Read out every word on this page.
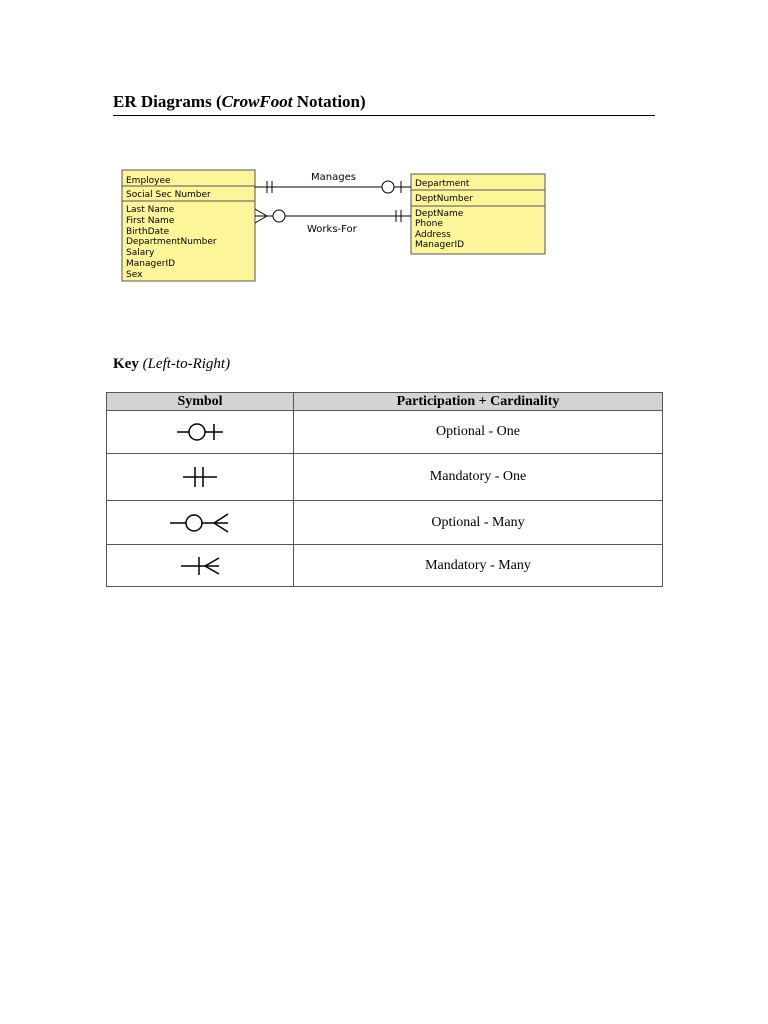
ER Diagrams (CrowFoot Notation)
Employee
Social Sec Number
Last Name
First Name
BirthDate
DepartmentNumber
Salary
ManagerID
Sex
Department
DeptNumber
DeptName
Phone
Address
ManagerID
Manages
Works-For
Key (Left-to-Right)
Symbol	Participation + Cardinality

	Optional - One

	Mandatory - One

	Optional - Many

	Mandatory - Many
